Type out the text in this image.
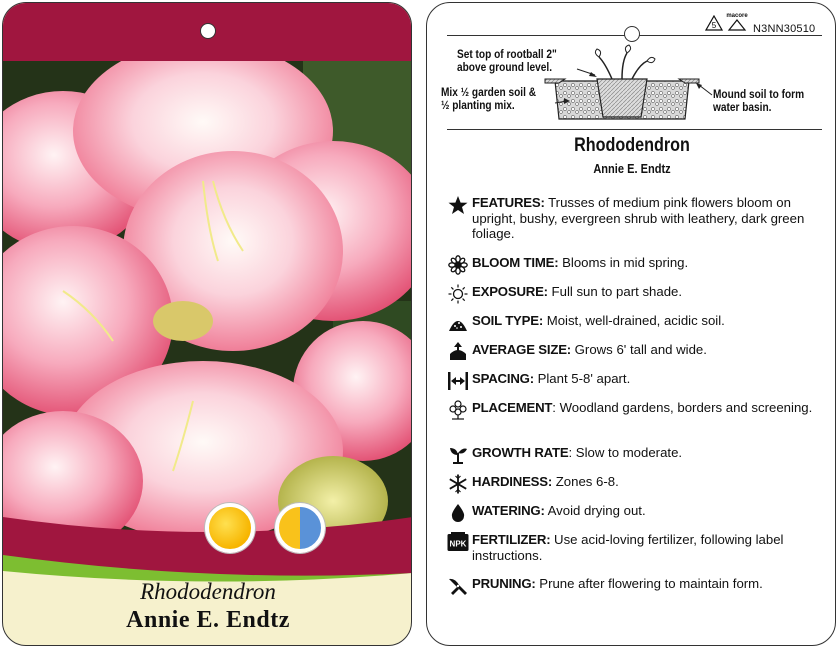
Rhododendron
Annie E. Endtz
5
macore
N3NN30510
Set top of rootball 2" above ground level.
Mix ½ garden soil & ½ planting mix.
Mound soil to form water basin.
Rhododendron
Annie E. Endtz
FEATURES: Trusses of medium pink flowers bloom on upright, bushy, evergreen shrub with leathery, dark green foliage.
BLOOM TIME: Blooms in mid spring.
EXPOSURE: Full sun to part shade.
SOIL TYPE: Moist, well-drained, acidic soil.
AVERAGE SIZE: Grows 6' tall and wide.
SPACING: Plant 5-8' apart.
PLACEMENT: Woodland gardens, borders and screening.
GROWTH RATE: Slow to moderate.
HARDINESS: Zones 6-8.
WATERING: Avoid drying out.
NPK FERTILIZER: Use acid-loving fertilizer, following label instructions.
PRUNING: Prune after flowering to maintain form.
